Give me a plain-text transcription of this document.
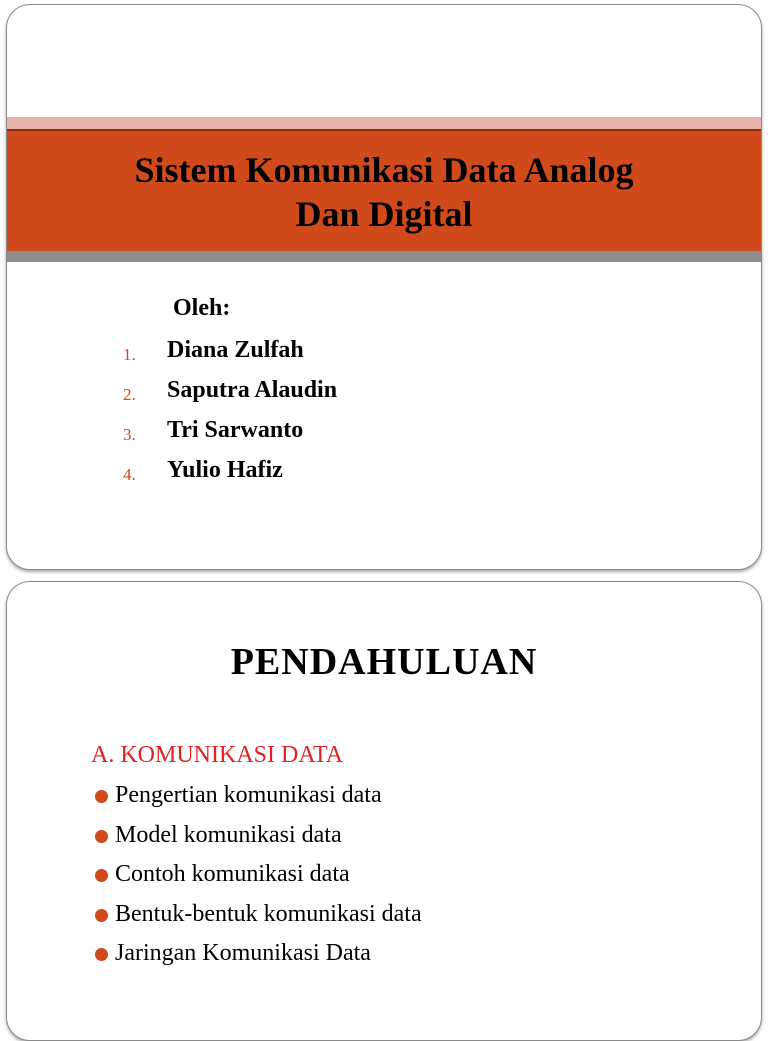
Sistem Komunikasi Data Analog
Dan Digital
Oleh:
1. Diana Zulfah
2. Saputra Alaudin
3. Tri Sarwanto
4. Yulio Hafiz
PENDAHULUAN
A. KOMUNIKASI DATA
Pengertian komunikasi data
Model komunikasi data
Contoh komunikasi data
Bentuk-bentuk komunikasi data
Jaringan Komunikasi Data
